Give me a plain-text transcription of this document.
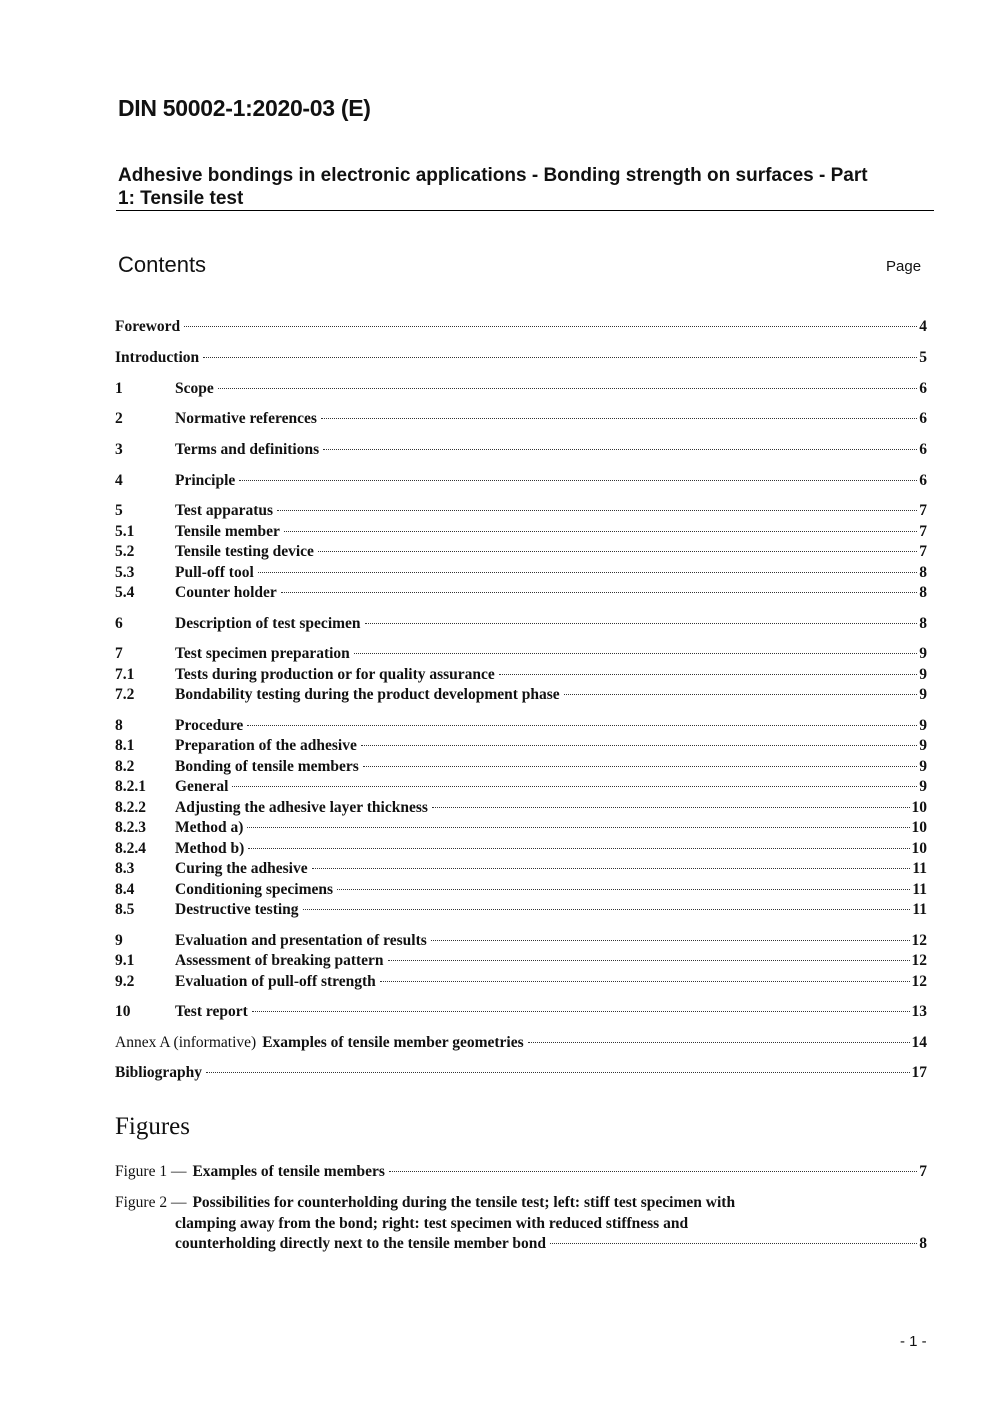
DIN 50002-1:2020-03 (E)
Adhesive bondings in electronic applications - Bonding strength on surfaces - Part
1: Tensile test
Contents	Page
Foreword	4
Introduction	5
1	Scope	6
2	Normative references	6
3	Terms and definitions	6
4	Principle	6
5	Test apparatus	7
5.1	Tensile member	7
5.2	Tensile testing device	7
5.3	Pull-off tool	8
5.4	Counter holder	8
6	Description of test specimen	8
7	Test specimen preparation	9
7.1	Tests during production or for quality assurance	9
7.2	Bondability testing during the product development phase	9
8	Procedure	9
8.1	Preparation of the adhesive	9
8.2	Bonding of tensile members	9
8.2.1	General	9
8.2.2	Adjusting the adhesive layer thickness	10
8.2.3	Method a)	10
8.2.4	Method b)	10
8.3	Curing the adhesive	11
8.4	Conditioning specimens	11
8.5	Destructive testing	11
9	Evaluation and presentation of results	12
9.1	Assessment of breaking pattern	12
9.2	Evaluation of pull-off strength	12
10	Test report	13
Annex A (informative) Examples of tensile member geometries	14
Bibliography	17
Figures
Figure 1 — Examples of tensile members	7
Figure 2 — Possibilities for counterholding during the tensile test; left: stiff test specimen with
clamping away from the bond; right: test specimen with reduced stiffness and
counterholding directly next to the tensile member bond	8
- 1 -
